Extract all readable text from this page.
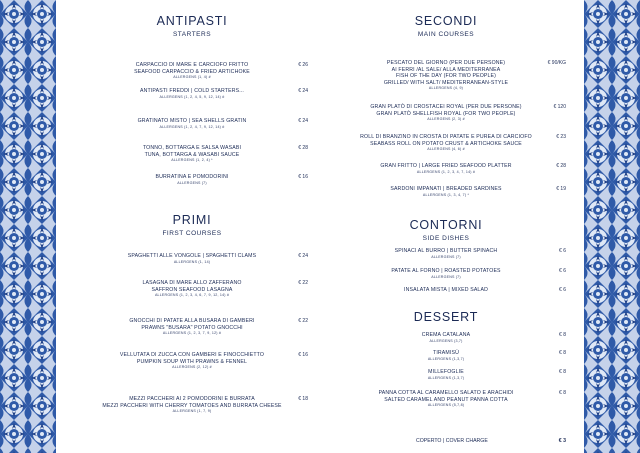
ANTIPASTI
STARTERS
PRIMI
FIRST COURSES
CARPACCIO DI MARE E CARCIOFO FRITTO
SEAFOOD CARPACCIO & FRIED ARTICHOKE
ALLERGENS (1, 4) #
€ 26
ANTIPASTI FREDDI | COLD STARTERS...
ALLERGENS (1, 2, 4, 5, 9, 12, 14) #
€ 24
GRATINATO MISTO | SEA SHELLS GRATIN
ALLERGENS (1, 2, 4, 7, 9, 12, 14) #
€ 24
TONNO, BOTTARGA E SALSA WASABI
TUNA, BOTTARGA & WASABI SAUCE
ALLERGENS (1, 2, 4) *
€ 28
BURRATINA E POMODORINI
ALLERGENS (7)
€ 16
SPAGHETTI ALLE VONGOLE | SPAGHETTI CLAMS
ALLERGENS (1, 14)
€ 24
LASAGNA DI MARE ALLO ZAFFERANO
SAFFRON SEAFOOD LASAGNA
ALLERGENS (1, 2, 3, 4, 6, 7, 9, 12, 14) #
€ 22
GNOCCHI DI PATATE ALLA BUSARA DI GAMBERI
PRAWNS "BUSARA" POTATO GNOCCHI
ALLERGENS (1, 2, 3, 7, 9, 12) #
€ 22
VELLUTATA DI ZUCCA CON GAMBERI E FINOCCHIETTO
PUMPKIN SOUP WITH PRAWNS & FENNEL
ALLERGENS (2, 12) #
€ 16
MEZZI PACCHERI AI 2 POMODORINI E BURRATA
MEZZI PACCHERI WITH CHERRY TOMATOES AND BURRATA CHEESE
ALLERGENS (1, 7, 9)
€ 18
SECONDI
MAIN COURSES
CONTORNI
SIDE DISHES
DESSERT
COPERTO | COVER CHARGE	€ 3
PESCATO DEL GIORNO (PER DUE PERSONE)
AI FERRI /AL SALE/ ALLA MEDITERRANEA
FISH OF THE DAY (FOR TWO PEOPLE)
GRILLED/ WITH SALT/ MEDITERRANEAN-STYLE
ALLERGENS (4, 9)
€ 90/KG
GRAN PLATÒ DI CROSTACEI ROYAL (PER DUE PERSONE)
GRAN PLATÒ SHELLFISH ROYAL (FOR TWO PEOPLE)
ALLERGENS (2, 3) #
€ 120
ROLL DI BRANZINO IN CROSTA DI PATATE E PUREA DI CARCIOFO
SEABASS ROLL ON POTATO CRUST & ARTICHOKE SAUCE
ALLERGENS (4, 6) #
€ 23
GRAN FRITTO | LARGE FRIED SEAFOOD PLATTER
ALLERGENS (1, 2, 3, 4, 7, 14) #
€ 28
SARDONI IMPANATI | BREADED SARDINES
ALLERGENS (1, 3, 4, 7) *
€ 19
SPINACI AL BURRO | BUTTER SPINACH
ALLERGENS (7)
€ 6
PATATE AL FORNO | ROASTED POTATOES
ALLERGENS (7)
€ 6
INSALATA MISTA | MIXED SALAD	€ 6
CREMA CATALANA
ALLERGENS (3,7)
€ 8
TIRAMISÙ
ALLERGENS (1,3,7)
€ 8
MILLEFOGLIE
ALLERGENS (1,3,7)
€ 8
PANNA COTTA AL CARAMELLO SALATO E ARACHIDI
SALTED CARAMEL AND PEANUT PANNA COTTA
ALLERGENS (5,7,8)
€ 8
